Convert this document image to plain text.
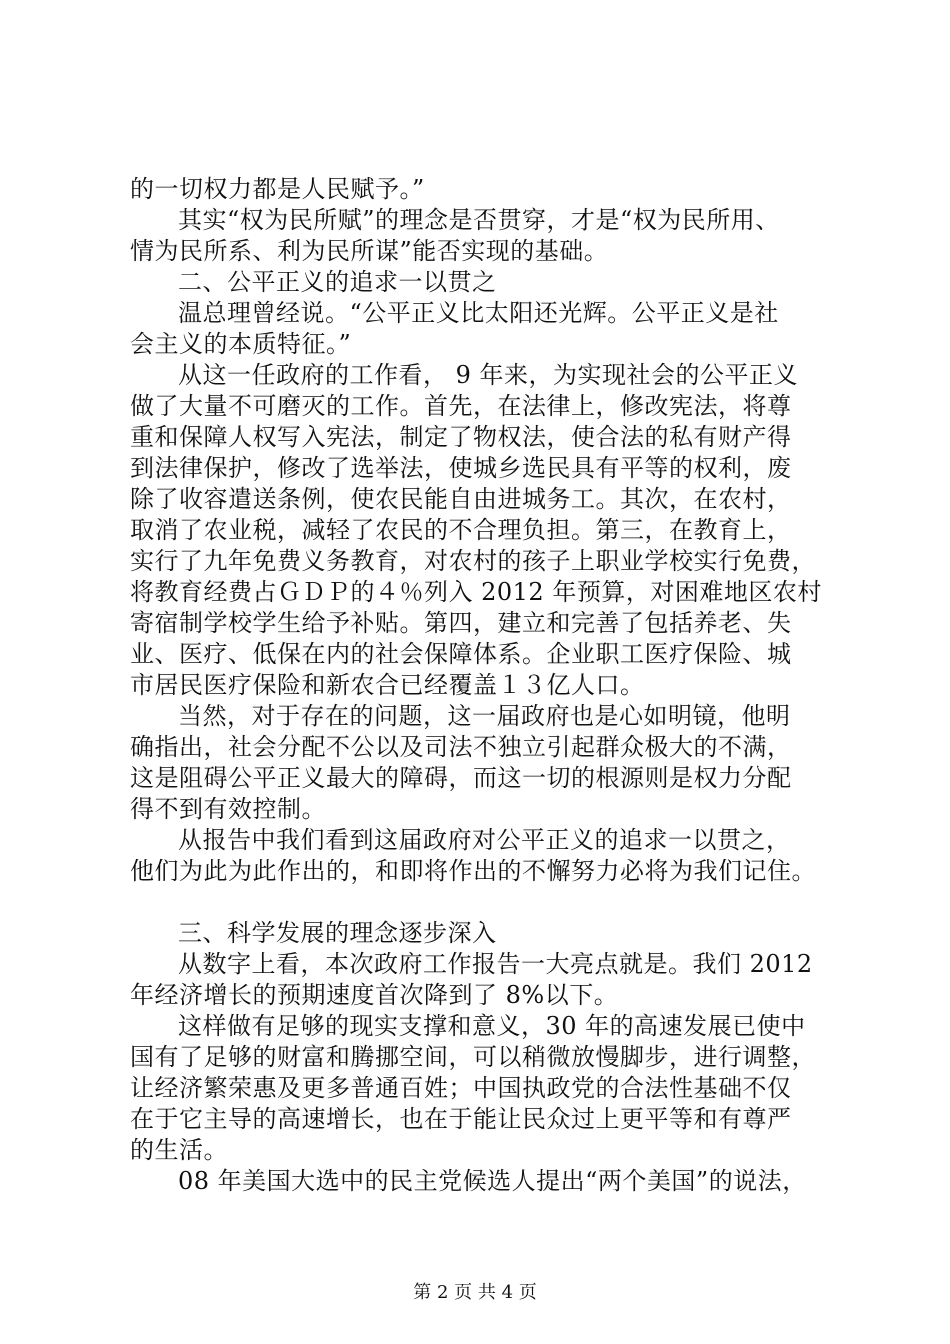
的一切权力都是人民赋予。”
其实“权为民所赋”的理念是否贯穿，才是“权为民所用、
情为民所系、利为民所谋”能否实现的基础。
二、公平正义的追求一以贯之
温总理曾经说。“公平正义比太阳还光辉。公平正义是社
会主义的本质特征。”
从这一任政府的工作看， 9 年来，为实现社会的公平正义
做了大量不可磨灭的工作。首先，在法律上，修改宪法，将尊
重和保障人权写入宪法，制定了物权法，使合法的私有财产得
到法律保护，修改了选举法，使城乡选民具有平等的权利，废
除了收容遣送条例，使农民能自由进城务工。其次，在农村，
取消了农业税，减轻了农民的不合理负担。第三，在教育上，
实行了九年免费义务教育，对农村的孩子上职业学校实行免费，
将教育经费占ＧＤＰ的４％列入 2012 年预算，对困难地区农村
寄宿制学校学生给予补贴。第四，建立和完善了包括养老、失
业、医疗、低保在内的社会保障体系。企业职工医疗保险、城
市居民医疗保险和新农合已经覆盖１３亿人口。
当然，对于存在的问题，这一届政府也是心如明镜，他明
确指出，社会分配不公以及司法不独立引起群众极大的不满，
这是阻碍公平正义最大的障碍，而这一切的根源则是权力分配
得不到有效控制。
从报告中我们看到这届政府对公平正义的追求一以贯之，
他们为此为此作出的，和即将作出的不懈努力必将为我们记住。
三、科学发展的理念逐步深入
从数字上看，本次政府工作报告一大亮点就是。我们 2012
年经济增长的预期速度首次降到了 8%以下。
这样做有足够的现实支撑和意义，30 年的高速发展已使中
国有了足够的财富和腾挪空间，可以稍微放慢脚步，进行调整，
让经济繁荣惠及更多普通百姓；中国执政党的合法性基础不仅
在于它主导的高速增长，也在于能让民众过上更平等和有尊严
的生活。
08 年美国大选中的民主党候选人提出“两个美国”的说法，
第 2 页 共 4 页
